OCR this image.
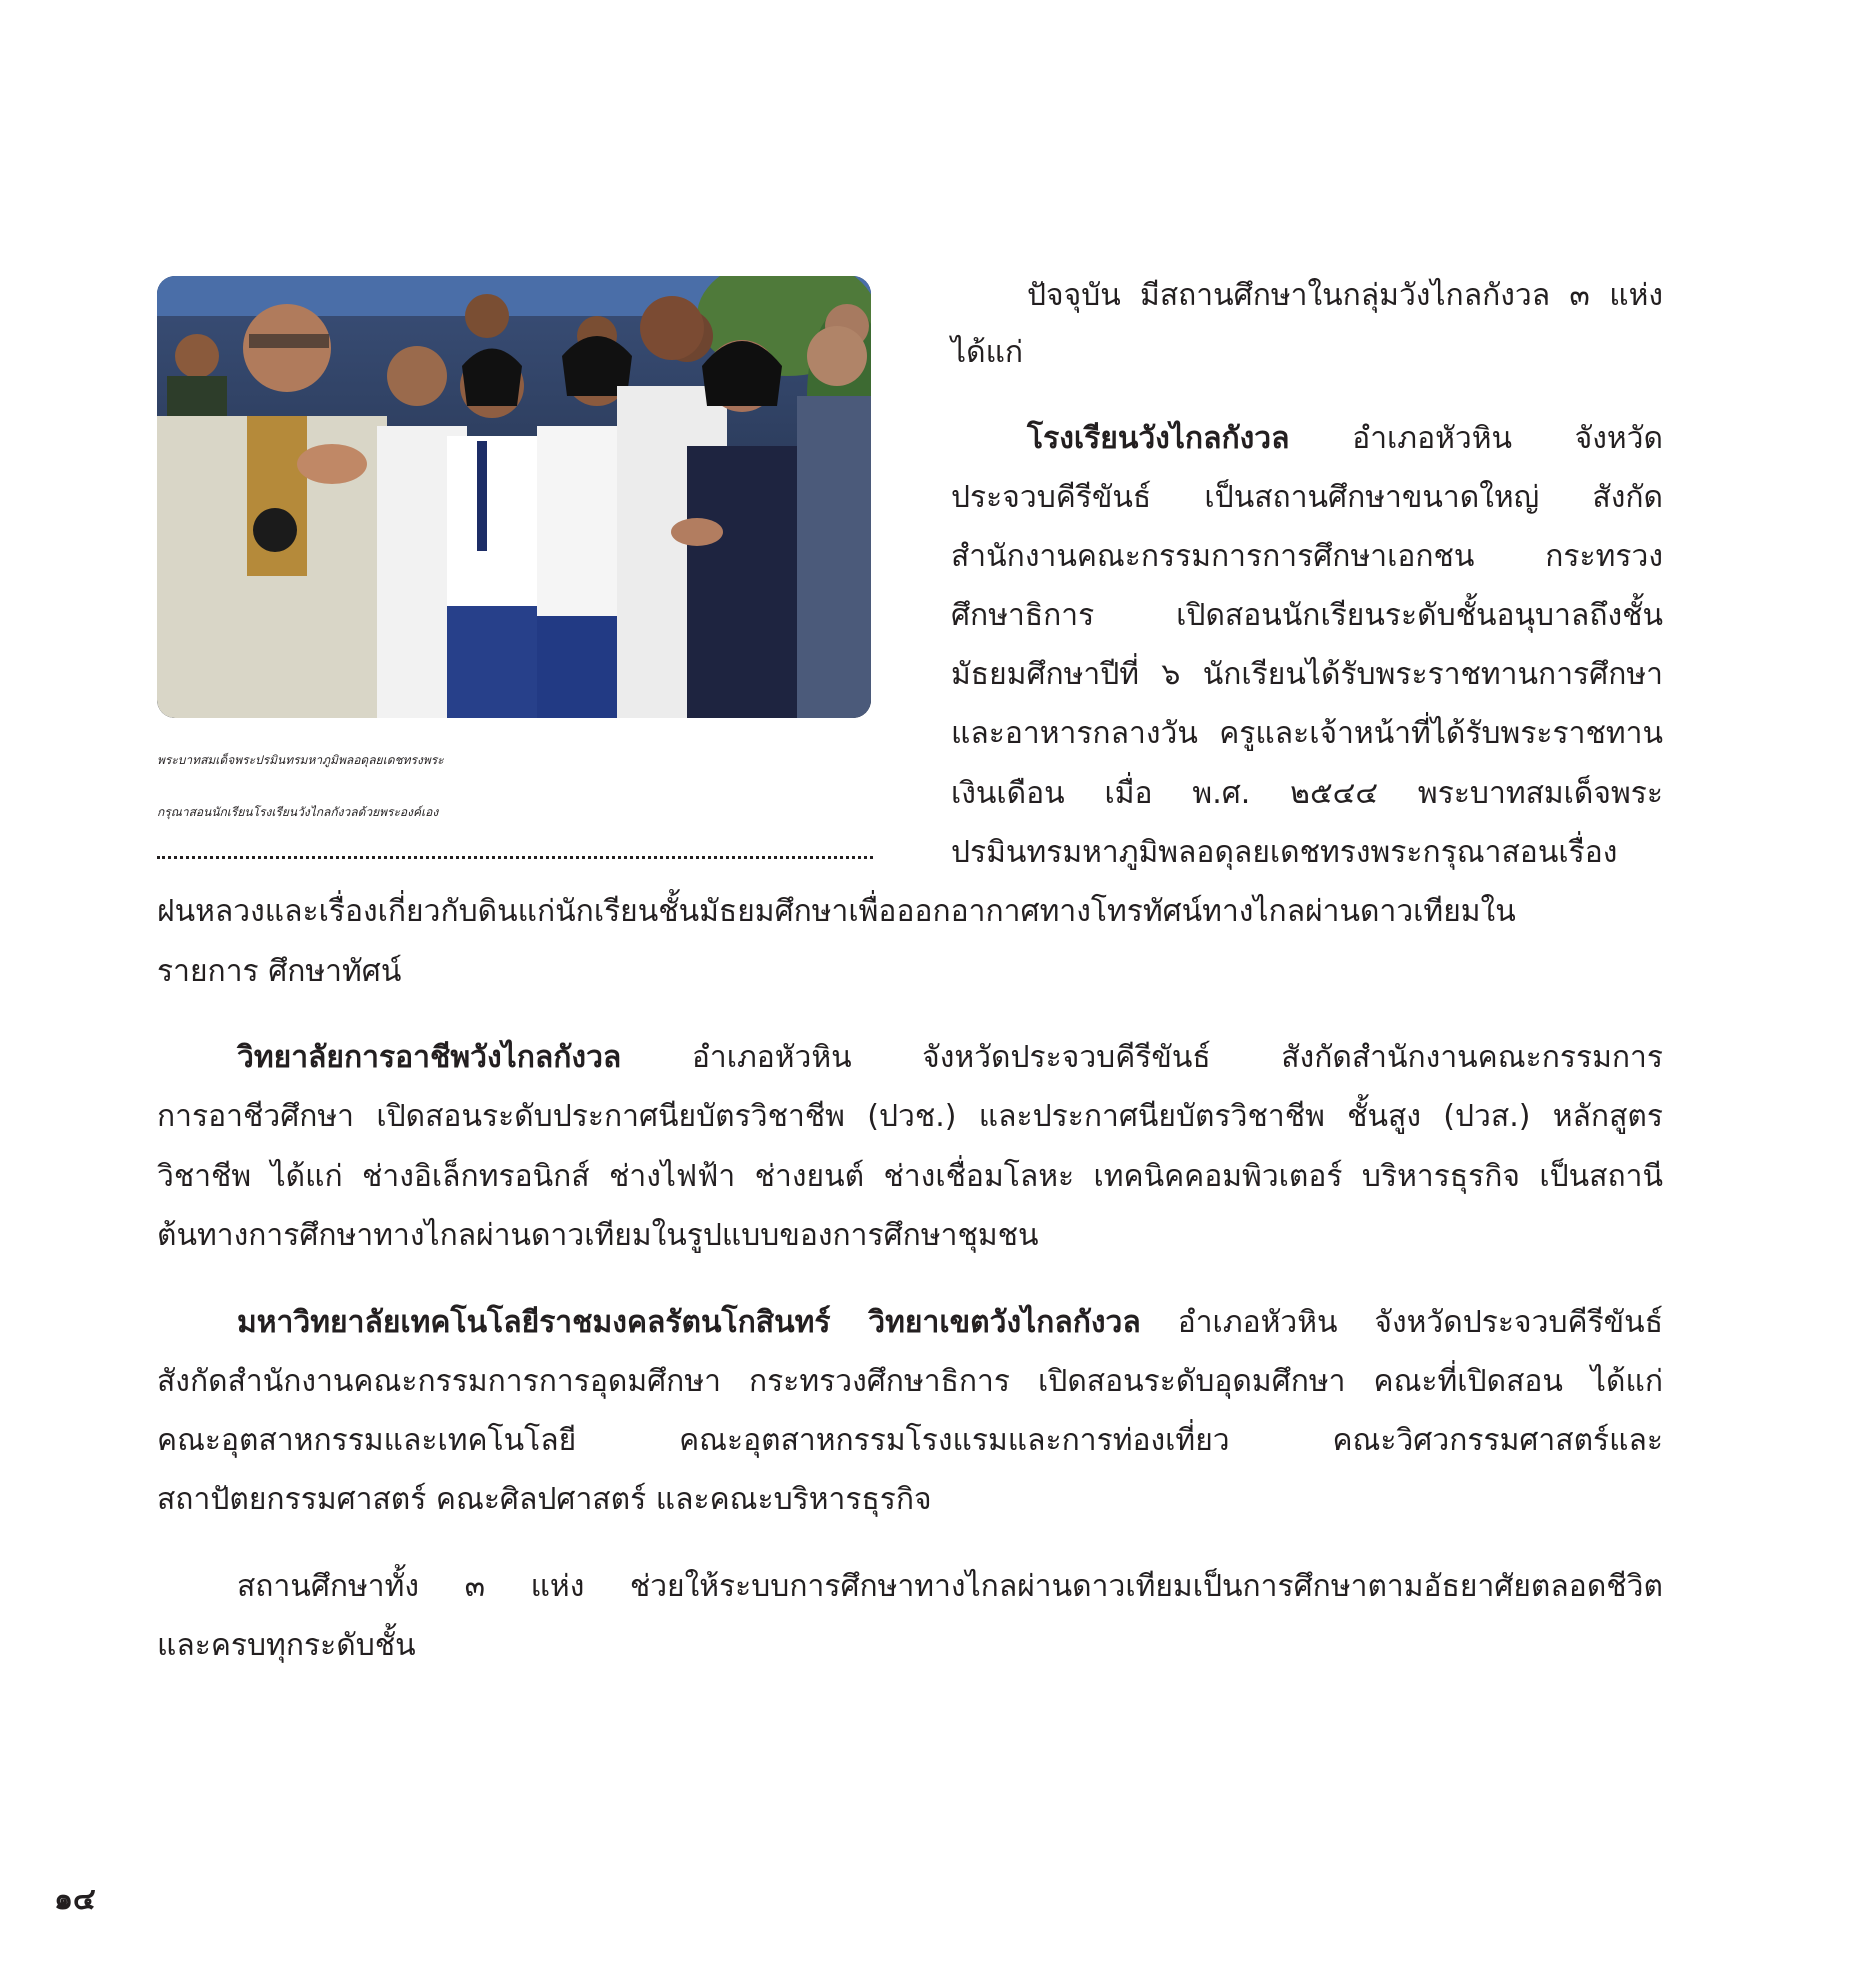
พระบาทสมเด็จพระปรมินทรมหาภูมิพลอดุลยเดชทรงพระ
กรุณาสอนนักเรียนโรงเรียนวังไกลกังวลด้วยพระองค์เอง
ปัจจุบัน มีสถานศึกษาในกลุ่มวังไกลกังวล ๓ แห่ง
ได้แก่
โรงเรียนวังไกลกังวล อำเภอหัวหิน จังหวัด
ประจวบคีรีขันธ์ เป็นสถานศึกษาขนาดใหญ่ สังกัด
สำนักงานคณะกรรมการการศึกษาเอกชน กระทรวง
ศึกษาธิการ เปิดสอนนักเรียนระดับชั้นอนุบาลถึงชั้น
มัธยมศึกษาปีที่ ๖ นักเรียนได้รับพระราชทานการศึกษา
และอาหารกลางวัน ครูและเจ้าหน้าที่ได้รับพระราชทาน
เงินเดือน เมื่อ พ.ศ. ๒๕๔๔ พระบาทสมเด็จพระ
ปรมินทรมหาภูมิพลอดุลยเดชทรงพระกรุณาสอนเรื่อง
ฝนหลวงและเรื่องเกี่ยวกับดินแก่นักเรียนชั้นมัธยมศึกษาเพื่อออกอากาศทางโทรทัศน์ทางไกลผ่านดาวเทียมใน
รายการ ศึกษาทัศน์
วิทยาลัยการอาชีพวังไกลกังวล อำเภอหัวหิน จังหวัดประจวบคีรีขันธ์ สังกัดสำนักงานคณะกรรมการ
การอาชีวศึกษา เปิดสอนระดับประกาศนียบัตรวิชาชีพ (ปวช.) และประกาศนียบัตรวิชาชีพ ชั้นสูง (ปวส.) หลักสูตร
วิชาชีพ ได้แก่ ช่างอิเล็กทรอนิกส์ ช่างไฟฟ้า ช่างยนต์ ช่างเชื่อมโลหะ เทคนิคคอมพิวเตอร์ บริหารธุรกิจ เป็นสถานี
ต้นทางการศึกษาทางไกลผ่านดาวเทียมในรูปแบบของการศึกษาชุมชน
มหาวิทยาลัยเทคโนโลยีราชมงคลรัตนโกสินทร์ วิทยาเขตวังไกลกังวล อำเภอหัวหิน จังหวัดประจวบคีรีขันธ์
สังกัดสำนักงานคณะกรรมการการอุดมศึกษา กระทรวงศึกษาธิการ เปิดสอนระดับอุดมศึกษา คณะที่เปิดสอน ได้แก่
คณะอุตสาหกรรมและเทคโนโลยี คณะอุตสาหกรรมโรงแรมและการท่องเที่ยว คณะวิศวกรรมศาสตร์และ
สถาปัตยกรรมศาสตร์ คณะศิลปศาสตร์ และคณะบริหารธุรกิจ
สถานศึกษาทั้ง ๓ แห่ง ช่วยให้ระบบการศึกษาทางไกลผ่านดาวเทียมเป็นการศึกษาตามอัธยาศัยตลอดชีวิต
และครบทุกระดับชั้น
๑๔
